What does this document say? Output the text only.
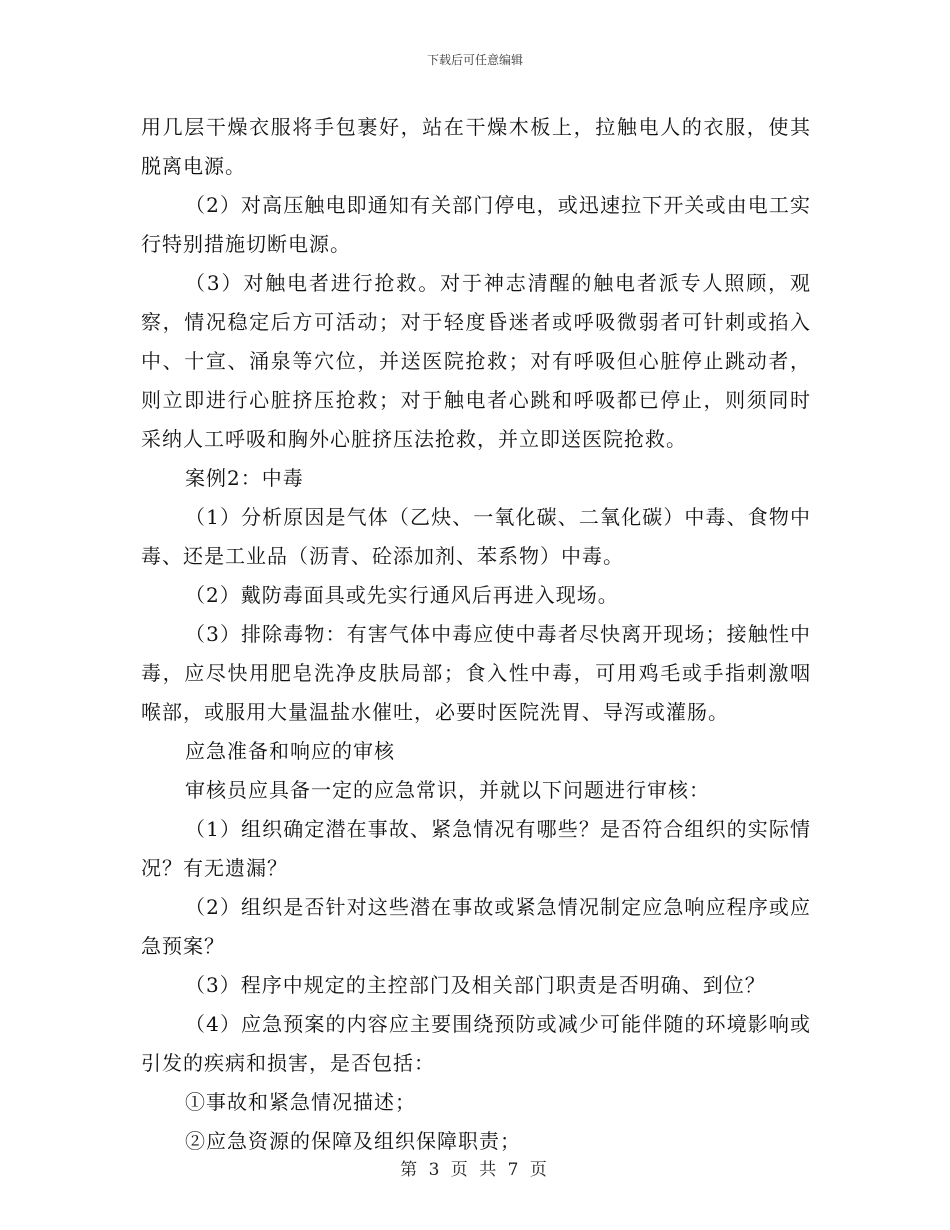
下载后可任意编辑

用几层干燥衣服将手包裹好，站在干燥木板上，拉触电人的衣服，使其脱离电源。

（2）对高压触电即通知有关部门停电，或迅速拉下开关或由电工实行特别措施切断电源。

（3）对触电者进行抢救。对于神志清醒的触电者派专人照顾，观察，情况稳定后方可活动；对于轻度昏迷者或呼吸微弱者可针刺或掐入中、十宣、涌泉等穴位，并送医院抢救；对有呼吸但心脏停止跳动者，则立即进行心脏挤压抢救；对于触电者心跳和呼吸都已停止，则须同时采纳人工呼吸和胸外心脏挤压法抢救，并立即送医院抢救。

案例2：中毒

（1）分析原因是气体（乙炔、一氧化碳、二氧化碳）中毒、食物中毒、还是工业品（沥青、砼添加剂、苯系物）中毒。

（2）戴防毒面具或先实行通风后再进入现场。

（3）排除毒物：有害气体中毒应使中毒者尽快离开现场；接触性中毒，应尽快用肥皂洗净皮肤局部；食入性中毒，可用鸡毛或手指刺激咽喉部，或服用大量温盐水催吐，必要时医院洗胃、导泻或灌肠。

应急准备和响应的审核

审核员应具备一定的应急常识，并就以下问题进行审核：

（1）组织确定潜在事故、紧急情况有哪些？是否符合组织的实际情况？有无遗漏？

（2）组织是否针对这些潜在事故或紧急情况制定应急响应程序或应急预案？

（3）程序中规定的主控部门及相关部门职责是否明确、到位？

（4）应急预案的内容应主要围绕预防或减少可能伴随的环境影响或引发的疾病和损害，是否包括：

①事故和紧急情况描述；

②应急资源的保障及组织保障职责；

第 3 页 共 7 页
